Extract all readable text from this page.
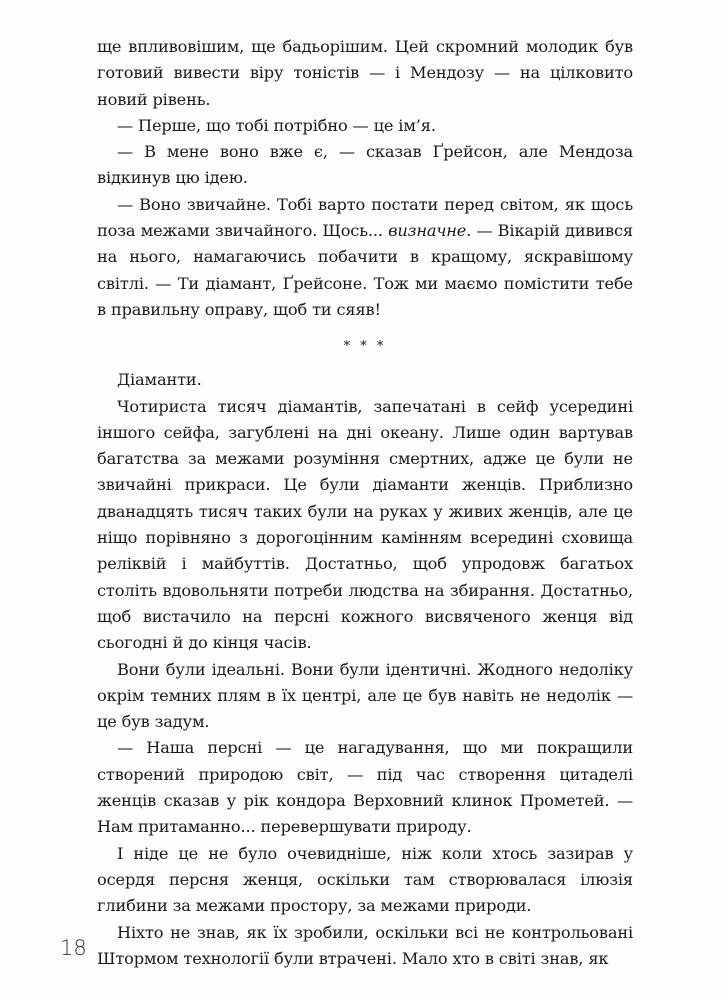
ще впливовішим, ще бадьорішим. Цей скромний молодик був готовий вивести віру тоністів — і Мендозу — на цілковито новий рівень.

— Перше, що тобі потрібно — це ім’я.

— В мене воно вже є, — сказав Ґрейсон, але Мендоза відкинув цю ідею.

— Воно звичайне. Тобі варто постати перед світом, як щось поза межами звичайного. Щось... визначне. — Вікарій дивився на нього, намагаючись побачити в кращому, яскравішому світлі. — Ти діамант, Ґрейсоне. Тож ми маємо помістити тебе в правильну оправу, щоб ти сяяв!

* * *

Діаманти.

Чотириста тисяч діамантів, запечатані в сейф усередині іншого сейфа, загублені на дні океану. Лише один вартував багатства за межами розуміння смертних, адже це були не звичайні прикраси. Це були діаманти женців. Приблизно дванадцять тисяч таких були на руках у живих женців, але це ніщо порівняно з дорогоцінним камінням всередині сховища реліквій і майбуттів. Достатньо, щоб упродовж багатьох століть вдовольняти потреби людства на збирання. Достатньо, щоб вистачило на персні кожного висвяченого женця від сьогодні й до кінця часів.

Вони були ідеальні. Вони були ідентичні. Жодного недоліку окрім темних плям в їх центрі, але це був навіть не недолік — це був задум.

— Наша персні — це нагадування, що ми покращили створений природою світ, — під час створення цитаделі женців сказав у рік кондора Верховний клинок Прометей. — Нам притаманно... перевершувати природу.

І ніде це не було очевидніше, ніж коли хтось зазирав у осердя персня женця, оскільки там створювалася ілюзія глибини за межами простору, за межами природи.

Ніхто не знав, як їх зробили, оскільки всі не контрольовані Штормом технології були втрачені. Мало хто в світі знав, як

18
